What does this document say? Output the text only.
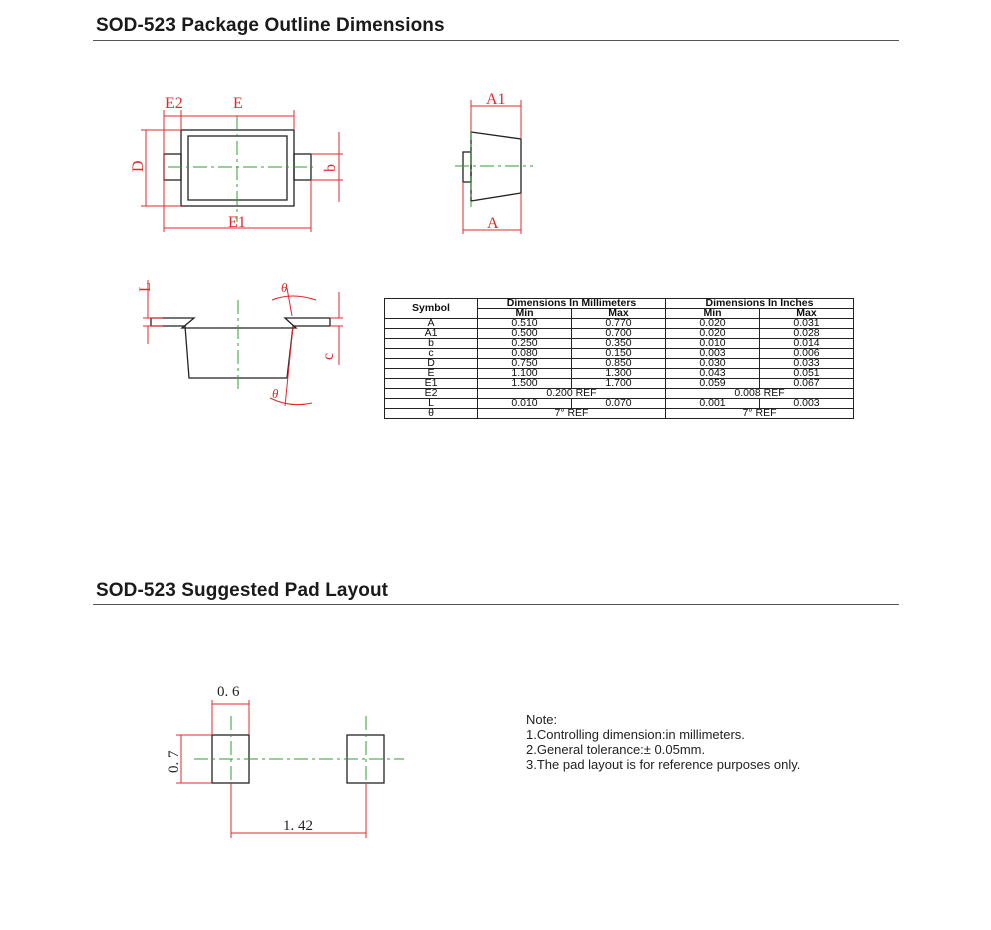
SOD-523 Package Outline Dimensions
E2	E
E1
D	b
A1
A
L
c
θ
θ
Symbol	Dimensions In Millimeters		Dimensions In Inches	
	Min	Max	Min	Max
A	0.510	0.770	0.020	0.031
A1	0.500	0.700	0.020	0.028
b	0.250	0.350	0.010	0.014
c	0.080	0.150	0.003	0.006
D	0.750	0.850	0.030	0.033
E	1.100	1.300	0.043	0.051
E1	1.500	1.700	0.059	0.067
E2	0.200 REF		0.008 REF	
L	0.010	0.070	0.001	0.003
θ	7° REF		7° REF	
SOD-523 Suggested Pad Layout
0. 6
0. 7
1. 42
Note:
1.Controlling dimension:in millimeters.
2.General tolerance:± 0.05mm.
3.The pad layout is for reference purposes only.
